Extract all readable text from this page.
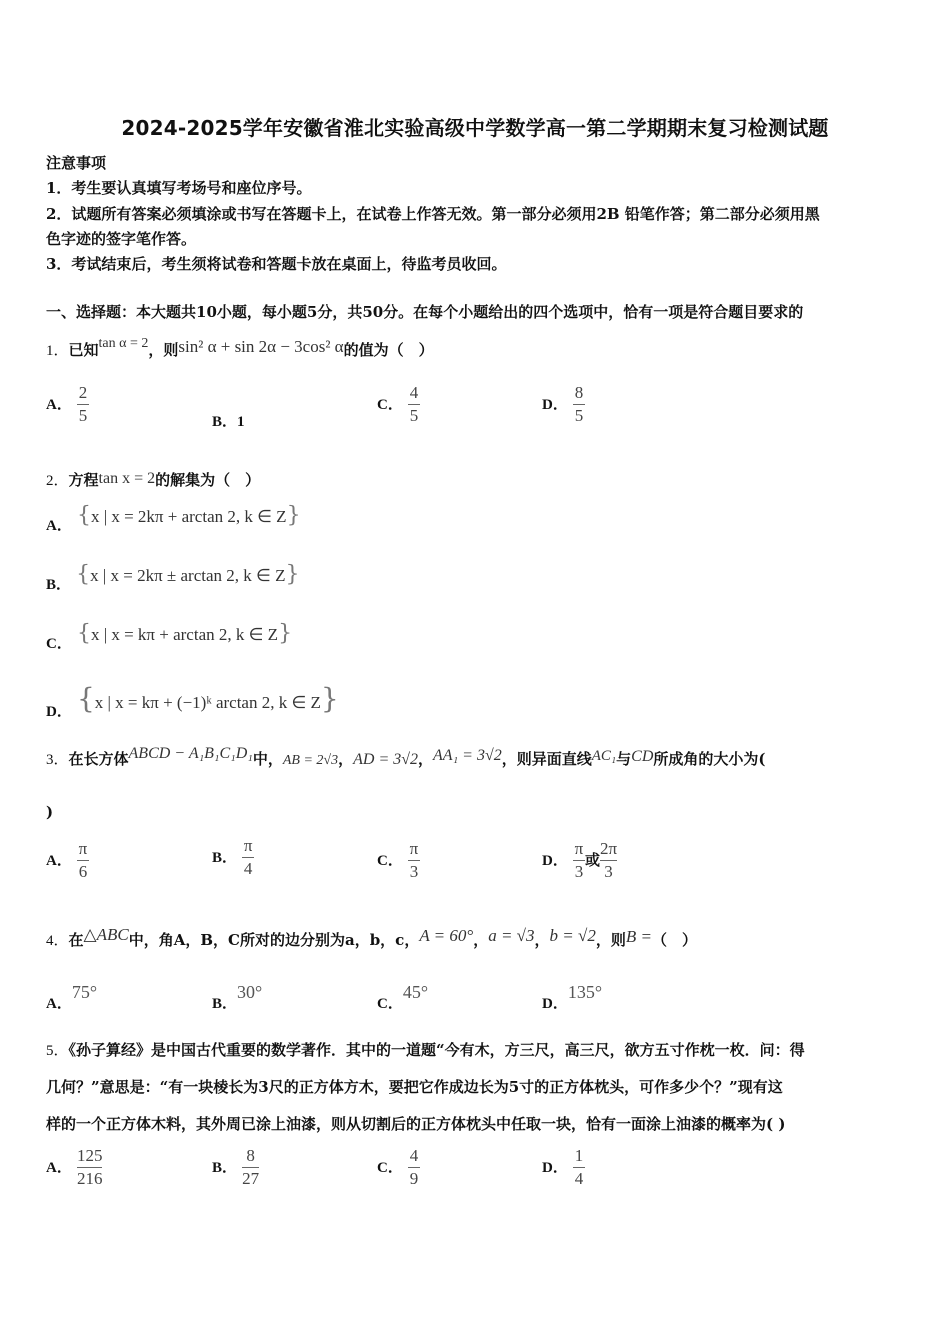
2024-2025学年安徽省淮北实验高级中学数学高一第二学期期末复习检测试题
注意事项
1．考生要认真填写考场号和座位序号。
2．试题所有答案必须填涂或书写在答题卡上，在试卷上作答无效。第一部分必须用2B 铅笔作答；第二部分必须用黑
色字迹的签字笔作答。
3．考试结束后，考生须将试卷和答题卡放在桌面上，待监考员收回。
一、选择题：本大题共10小题，每小题5分，共50分。在每个小题给出的四个选项中，恰有一项是符合题目要求的
1．已知tan α = 2，则sin² α + sin 2α − 3cos² α的值为（　）
A． $\frac{2}{5}$	B．1
C． $\frac{4}{5}$	D． $\frac{8}{5}$
2．方程tan x = 2的解集为（　）
A． {x | x = 2kπ + arctan 2, k ∈ Z}
B． {x | x = 2kπ ± arctan 2, k ∈ Z}
C． {x | x = kπ + arctan 2, k ∈ Z}
D． {x | x = kπ + (−1)ᵏ arctan 2, k ∈ Z}
3．在长方体ABCD − A₁B₁C₁D₁中，AB = 2√3，AD = 3√2，AA₁ = 3√2，则异面直线AC₁与CD所成角的大小为(
)
A． $\frac{\pi}{6}$	B． $\frac{\pi}{4}$	C． $\frac{\pi}{3}$	D． $\frac{\pi}{3}$ 或 $\frac{2\pi}{3}$
4．在△ABC中，角A，B，C所对的边分别为a，b，c，A = 60°，a = √3，b = √2，则B =（　）
A．75°
B．30°
C．45°
D．135°
5．《孙子算经》是中国古代重要的数学著作．其中的一道题“今有木，方三尺，高三尺，欲方五寸作枕一枚．问：得
几何？”意思是：“有一块棱长为3尺的正方体方木，要把它作成边长为5寸的正方体枕头，可作多少个？”现有这
样的一个正方体木料，其外周已涂上油漆，则从切割后的正方体枕头中任取一块，恰有一面涂上油漆的概率为( )
A． $\frac{125}{216}$	B． $\frac{8}{27}$	C． $\frac{4}{9}$	D． $\frac{1}{4}$
